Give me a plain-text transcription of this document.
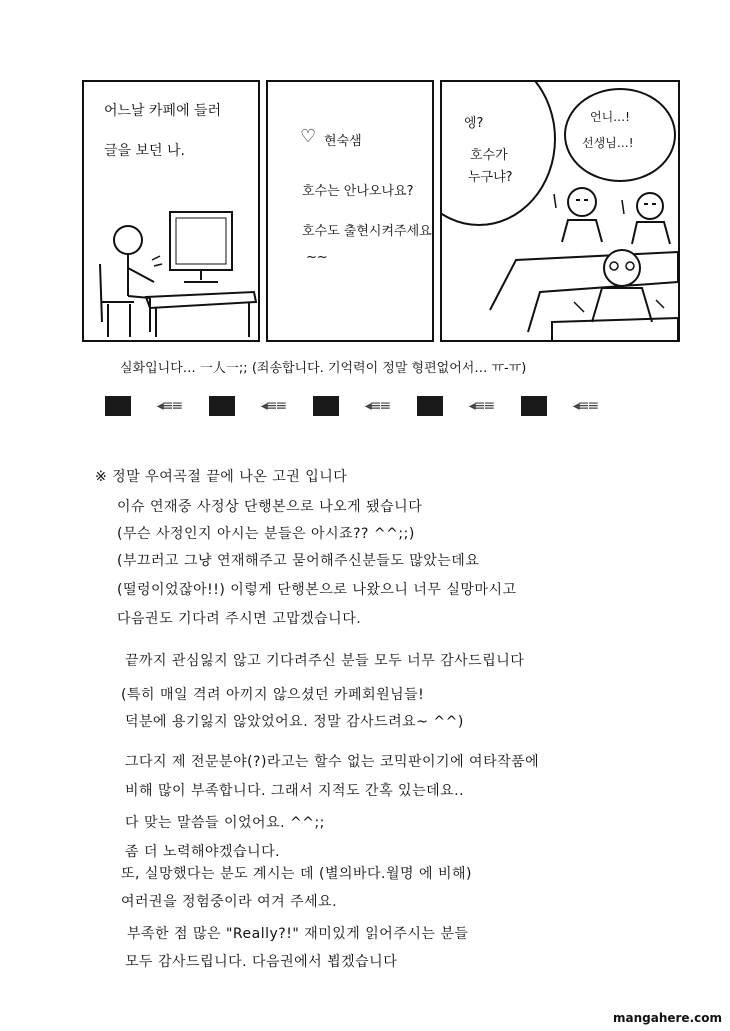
어느날 카페에 들러
글을 보던 나.
♡ 현숙샘
호수는 안나오나요?
호수도 출현시켜주세요
~~
엥?
호수가
누구냐?
언니…!
선생님…!
실화입니다… 一人一;; (죄송합니다. 기억력이 정말 형편없어서… ㅠ-ㅠ)
◂≡≡	◂≡≡	◂≡≡	◂≡≡	◂≡≡
※ 정말 우여곡절 끝에 나온 고권 입니다
이슈 연재중 사정상 단행본으로 나오게 됐습니다
(무슨 사정인지 아시는 분들은 아시죠?? ^^;;)
(부끄러고 그냥 연재해주고 묻어해주신분들도 많았는데요
(떨렁이었잖아!!) 이렇게 단행본으로 나왔으니 너무 실망마시고
다음권도 기다려 주시면 고맙겠습니다.
끝까지 관심잃지 않고 기다려주신 분들 모두 너무 감사드립니다
(특히 매일 격려 아끼지 않으셨던 카페회원님들!
덕분에 용기잃지 않았었어요. 정말 감사드려요~ ^^)
그다지 제 전문분야(?)라고는 할수 없는 코믹판이기에 여타작품에
비해 많이 부족합니다. 그래서 지적도 간혹 있는데요..
다 맞는 말씀들 이었어요. ^^;;
좀 더 노력해야겠습니다.
또, 실망했다는 분도 계시는 데 (별의바다.월명 에 비해)
여러권을 정험중이라 여겨 주세요.
부족한 점 많은 "Really?!" 재미있게 읽어주시는 분들
모두 감사드립니다. 다음권에서 뵙겠습니다
mangahere.com
